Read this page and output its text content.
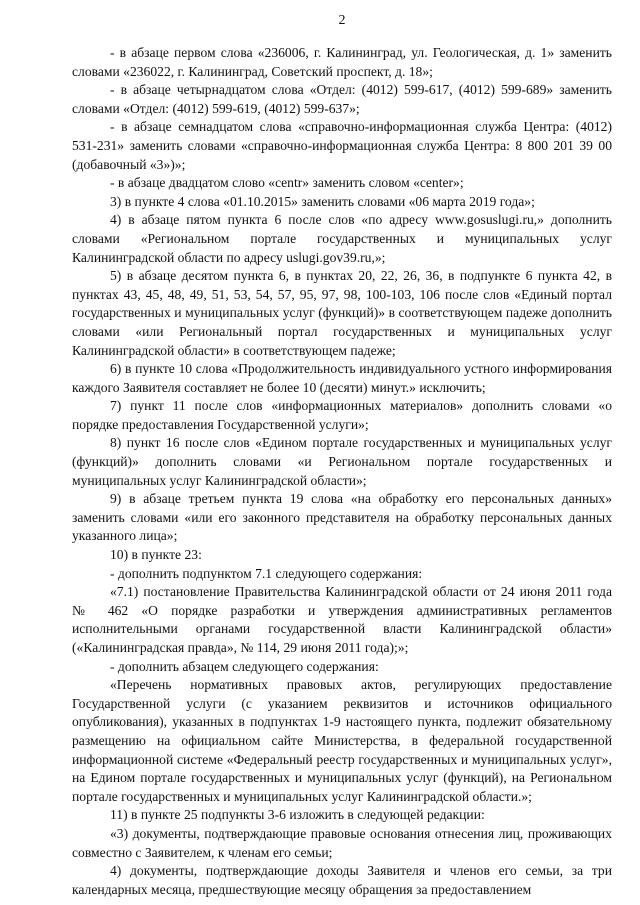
2

- в абзаце первом слова «236006, г. Калининград, ул. Геологическая, д. 1» заменить словами «236022, г. Калининград, Советский проспект, д. 18»;

- в абзаце четырнадцатом слова «Отдел: (4012) 599-617, (4012) 599-689» заменить словами «Отдел: (4012) 599-619, (4012) 599-637»;

- в абзаце семнадцатом слова «справочно-информационная служба Центра: (4012) 531-231» заменить словами «справочно-информационная служба Центра: 8 800 201 39 00 (добавочный «3»)»;

- в абзаце двадцатом слово «centr» заменить словом «center»;

3) в пункте 4 слова «01.10.2015» заменить словами «06 марта 2019 года»;

4) в абзаце пятом пункта 6 после слов «по адресу www.gosuslugi.ru,» дополнить словами «Региональном портале государственных и муниципальных услуг Калининградской области по адресу uslugi.gov39.ru,»;

5) в абзаце десятом пункта 6, в пунктах 20, 22, 26, 36, в подпункте 6 пункта 42, в пунктах 43, 45, 48, 49, 51, 53, 54, 57, 95, 97, 98, 100-103, 106 после слов «Единый портал государственных и муниципальных услуг (функций)» в соответствующем падеже дополнить словами «или Региональный портал государственных и муниципальных услуг Калининградской области» в соответствующем падеже;

6) в пункте 10 слова «Продолжительность индивидуального устного информирования каждого Заявителя составляет не более 10 (десяти) минут.» исключить;

7) пункт 11 после слов «информационных материалов» дополнить словами «о порядке предоставления Государственной услуги»;

8) пункт 16 после слов «Едином портале государственных и муниципальных услуг (функций)» дополнить словами «и Региональном портале государственных и муниципальных услуг Калининградской области»;

9) в абзаце третьем пункта 19 слова «на обработку его персональных данных» заменить словами «или его законного представителя на обработку персональных данных указанного лица»;

10) в пункте 23:

- дополнить подпунктом 7.1 следующего содержания:

«7.1) постановление Правительства Калининградской области от 24 июня 2011 года № 462 «О порядке разработки и утверждения административных регламентов исполнительными органами государственной власти Калининградской области» («Калининградская правда», № 114, 29 июня 2011 года);»;

- дополнить абзацем следующего содержания:

«Перечень нормативных правовых актов, регулирующих предоставление Государственной услуги (с указанием реквизитов и источников официального опубликования), указанных в подпунктах 1-9 настоящего пункта, подлежит обязательному размещению на официальном сайте Министерства, в федеральной государственной информационной системе «Федеральный реестр государственных и муниципальных услуг», на Едином портале государственных и муниципальных услуг (функций), на Региональном портале государственных и муниципальных услуг Калининградской области.»;

11) в пункте 25 подпункты 3-6 изложить в следующей редакции:

«3) документы, подтверждающие правовые основания отнесения лиц, проживающих совместно с Заявителем, к членам его семьи;

4) документы, подтверждающие доходы Заявителя и членов его семьи, за три календарных месяца, предшествующие месяцу обращения за предоставлением
